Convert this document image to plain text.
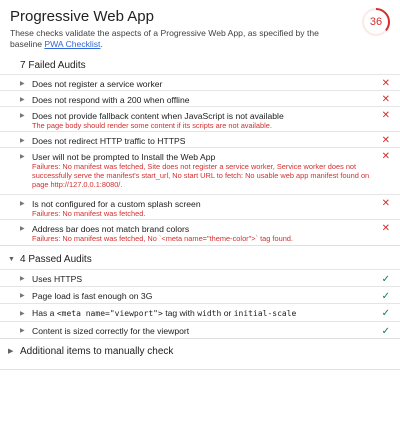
Progressive Web App
These checks validate the aspects of a Progressive Web App, as specified by the baseline PWA Checklist.
36
7 Failed Audits
▶ Does not register a service worker	✕
▶ Does not respond with a 200 when offline	✕
▶ Does not provide fallback content when JavaScript is not available
The page body should render some content if its scripts are not available.
✕
▶ Does not redirect HTTP traffic to HTTPS	✕
▶ User will not be prompted to Install the Web App
Failures: No manifest was fetched, Site does not register a service worker, Service worker does not successfully serve the manifest's start_url, No start URL to fetch: No usable web app manifest found on page http://127.0.0.1:8080/.
✕
▶ Is not configured for a custom splash screen
Failures: No manifest was fetched.
✕
▶ Address bar does not match brand colors
Failures: No manifest was fetched, No `<meta name="theme-color">` tag found.
✕
▼ 4 Passed Audits
▶ Uses HTTPS	✓
▶ Page load is fast enough on 3G	✓
▶ Has a <meta name="viewport"> tag with width or initial-scale	✓
▶ Content is sized correctly for the viewport	✓
▶ Additional items to manually check
